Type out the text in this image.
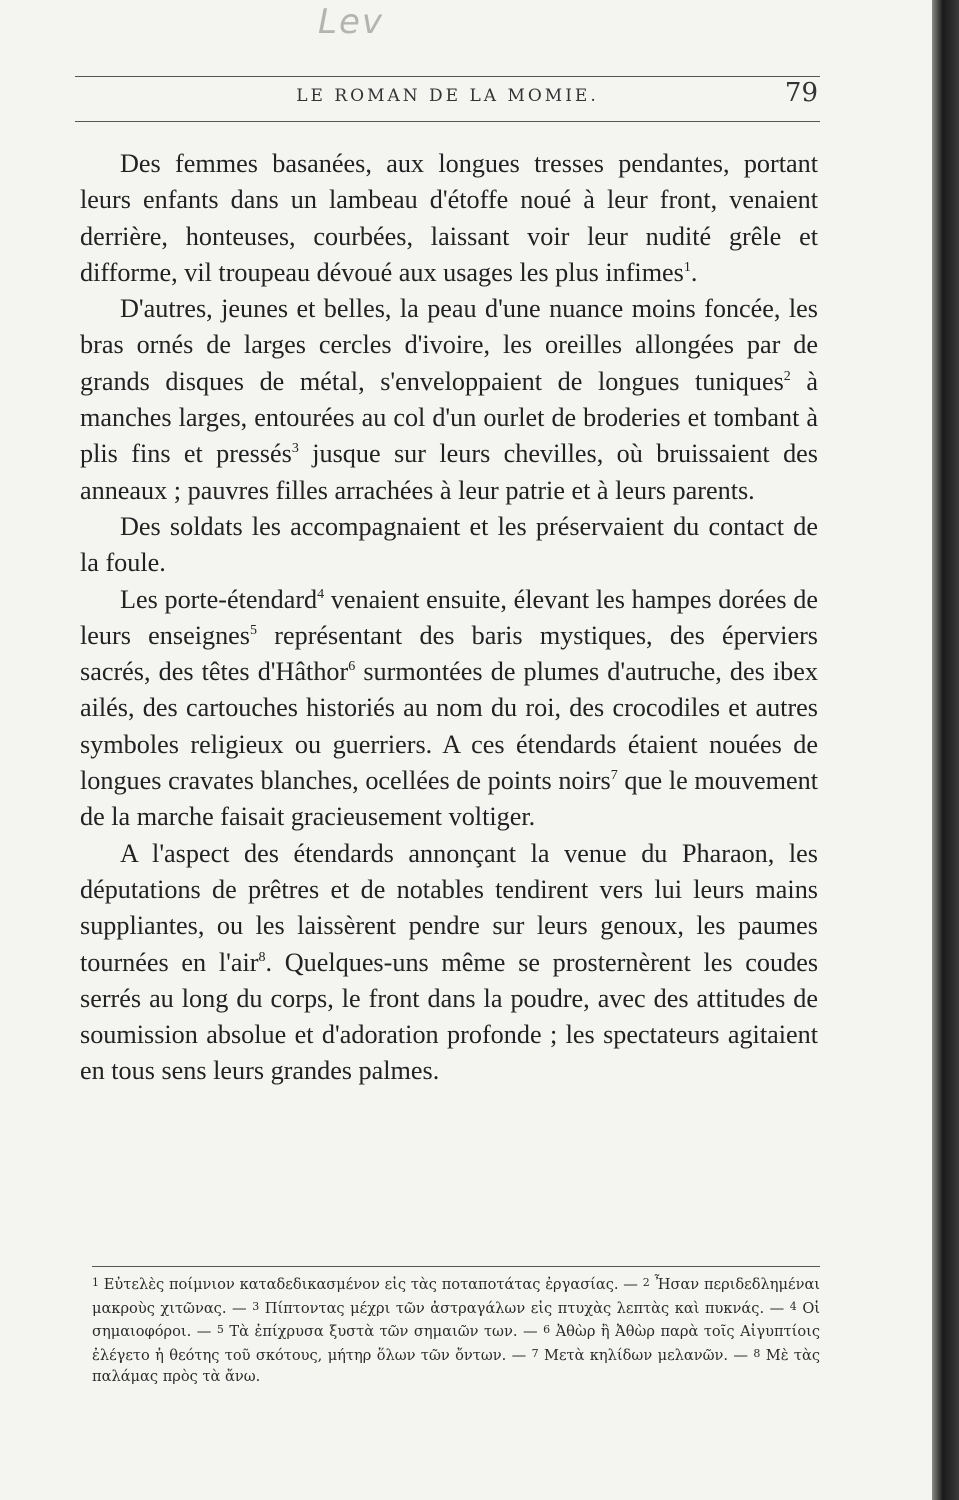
Lev
LE ROMAN DE LA MOMIE.	79

Des femmes basanées, aux longues tresses pendantes, portant leurs enfants dans un lambeau d'étoffe noué à leur front, venaient derrière, honteuses, courbées, laissant voir leur nudité grêle et difforme, vil troupeau dévoué aux usages les plus infimes$^1$.

D'autres, jeunes et belles, la peau d'une nuance moins foncée, les bras ornés de larges cercles d'ivoire, les oreilles allongées par de grands disques de métal, s'enveloppaient de longues tuniques$^2$ à manches larges, entourées au col d'un ourlet de broderies et tombant à plis fins et pressés$^3$ jusque sur leurs chevilles, où bruissaient des anneaux ; pauvres filles arrachées à leur patrie et à leurs parents.

Des soldats les accompagnaient et les préservaient du contact de la foule.

Les porte-étendard$^4$ venaient ensuite, élevant les hampes dorées de leurs enseignes$^5$ représentant des baris mystiques, des éperviers sacrés, des têtes d'Hâthor$^6$ surmontées de plumes d'autruche, des ibex ailés, des cartouches historiés au nom du roi, des crocodiles et autres symboles religieux ou guerriers. A ces étendards étaient nouées de longues cravates blanches, ocellées de points noirs$^7$ que le mouvement de la marche faisait gracieusement voltiger.

A l'aspect des étendards annonçant la venue du Pharaon, les députations de prêtres et de notables tendirent vers lui leurs mains suppliantes, ou les laissèrent pendre sur leurs genoux, les paumes tournées en l'air$^8$. Quelques-uns même se prosternèrent les coudes serrés au long du corps, le front dans la poudre, avec des attitudes de soumission absolue et d'adoration profonde ; les spectateurs agitaient en tous sens leurs grandes palmes.

$^1$ Εὐτελὲς ποίμνιον καταδεδικασμένον εἰς τὰς ποταποτάτας ἐργασίας. — $^2$ Ἦσαν περιδεδλημέναι μακροὺς χιτῶνας. — $^3$ Πίπτοντας μέχρι τῶν ἀστραγάλων εἰς πτυχὰς λεπτὰς καὶ πυκνάς. — $^4$ Οἱ σημαιοφόροι. — $^5$ Τὰ ἐπίχρυσα ξυστὰ τῶν σημαιῶν των. — $^6$ Ἀθὼρ ἢ Ἀθὼρ παρὰ τοῖς Αἰγυπτίοις ἐλέγετο ἡ θεότης τοῦ σκότους, μήτηρ ὅλων τῶν ὄντων. — $^7$ Μετὰ κηλίδων μελανῶν. — $^8$ Μὲ τὰς παλάμας πρὸς τὰ ἄνω.
